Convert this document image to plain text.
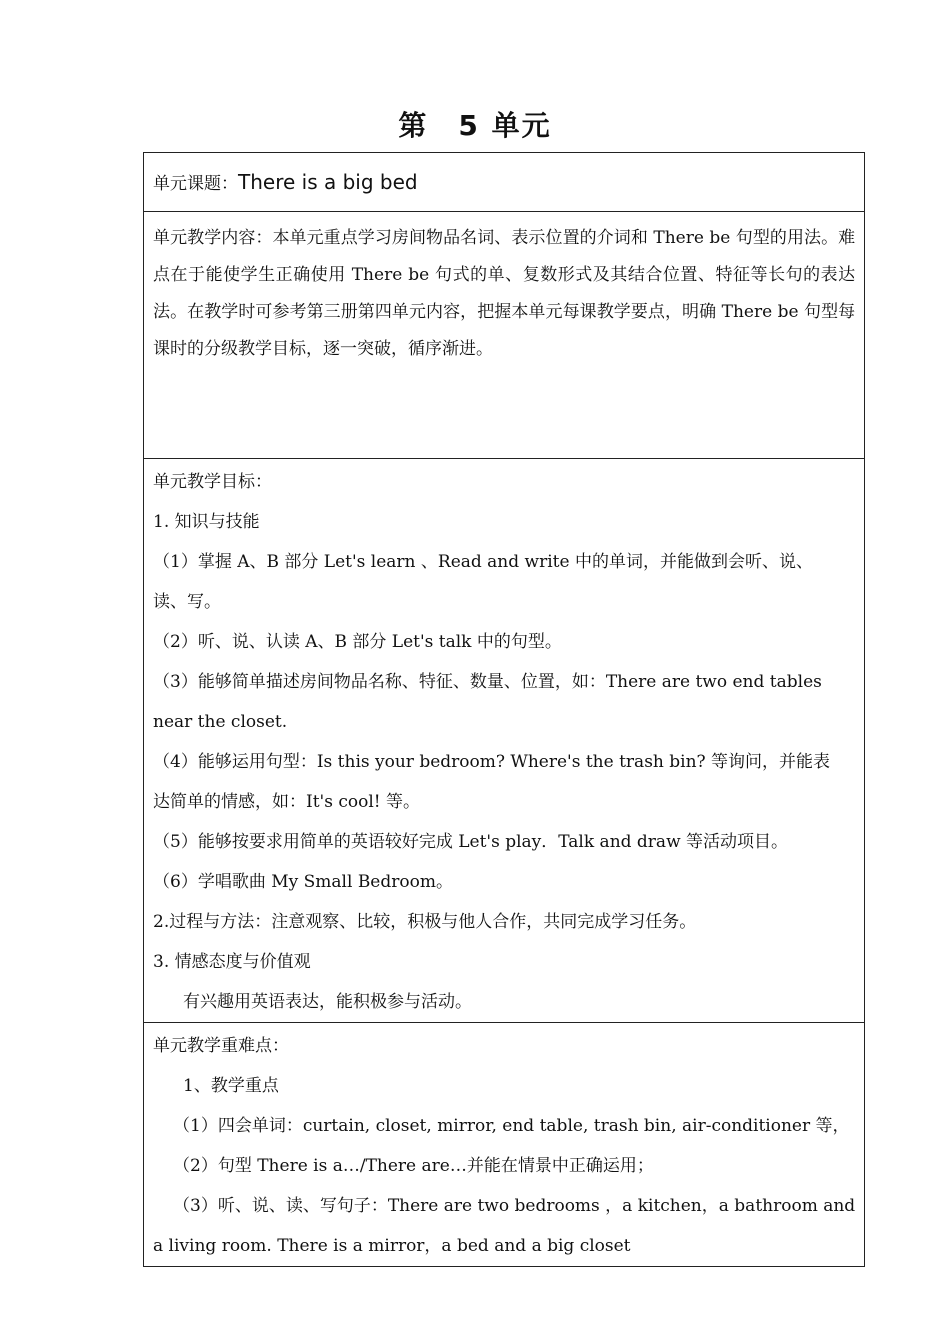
第　5 单元
单元课题：There is a big bed

单元教学内容：本单元重点学习房间物品名词、表示位置的介词和 There be 句型的用法。难点在于能使学生正确使用 There be 句式的单、复数形式及其结合位置、特征等长句的表达法。在教学时可参考第三册第四单元内容，把握本单元每课教学要点，明确 There be 句型每课时的分级教学目标，逐一突破，循序渐进。

单元教学目标：
1. 知识与技能
（1）掌握 A、B 部分 Let's learn 、Read and write 中的单词，并能做到会听、说、
读、写。
（2）听、说、认读 A、B 部分 Let's talk 中的句型。
（3）能够简单描述房间物品名称、特征、数量、位置，如：There are two end tables
near the closet.
（4）能够运用句型：Is this your bedroom? Where's the trash bin? 等询问，并能表
达简单的情感，如：It's cool! 等。
（5）能够按要求用简单的英语较好完成 Let's play．Talk and draw 等活动项目。
（6）学唱歌曲 My Small Bedroom。
2.过程与方法：注意观察、比较，积极与他人合作，共同完成学习任务。
3. 情感态度与价值观
有兴趣用英语表达，能积极参与活动。

单元教学重难点：
1、教学重点
（1）四会单词：curtain, closet, mirror, end table, trash bin, air-conditioner 等，
（2）句型 There is a…/There are…并能在情景中正确运用；
（3）听、说、读、写句子：There are two bedrooms ，a kitchen，a bathroom and
a living room. There is a mirror，a bed and a big closet
